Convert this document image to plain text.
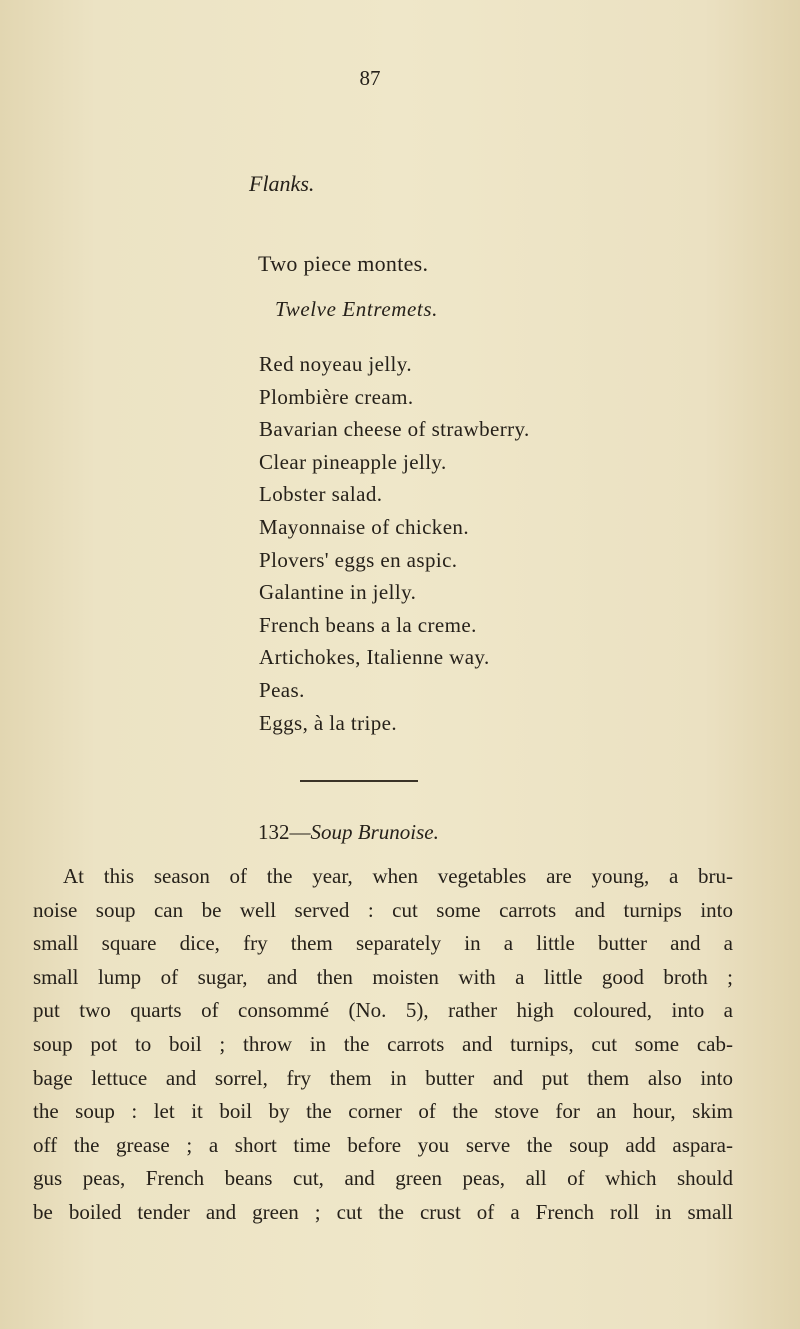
87
Flanks.
Two piece montes.
Twelve Entremets.
Red noyeau jelly.
Plombière cream.
Bavarian cheese of strawberry.
Clear pineapple jelly.
Lobster salad.
Mayonnaise of chicken.
Plovers' eggs en aspic.
Galantine in jelly.
French beans a la creme.
Artichokes, Italienne way.
Peas.
Eggs, à la tripe.
132—Soup Brunoise.
At this season of the year, when vegetables are young, a bru-
noise soup can be well served : cut some carrots and turnips into
small square dice, fry them separately in a little butter and a
small lump of sugar, and then moisten with a little good broth ;
put two quarts of consommé (No. 5), rather high coloured, into a
soup pot to boil ; throw in the carrots and turnips, cut some cab-
bage lettuce and sorrel, fry them in butter and put them also into
the soup : let it boil by the corner of the stove for an hour, skim
off the grease ; a short time before you serve the soup add aspara-
gus peas, French beans cut, and green peas, all of which should
be boiled tender and green ; cut the crust of a French roll in small
